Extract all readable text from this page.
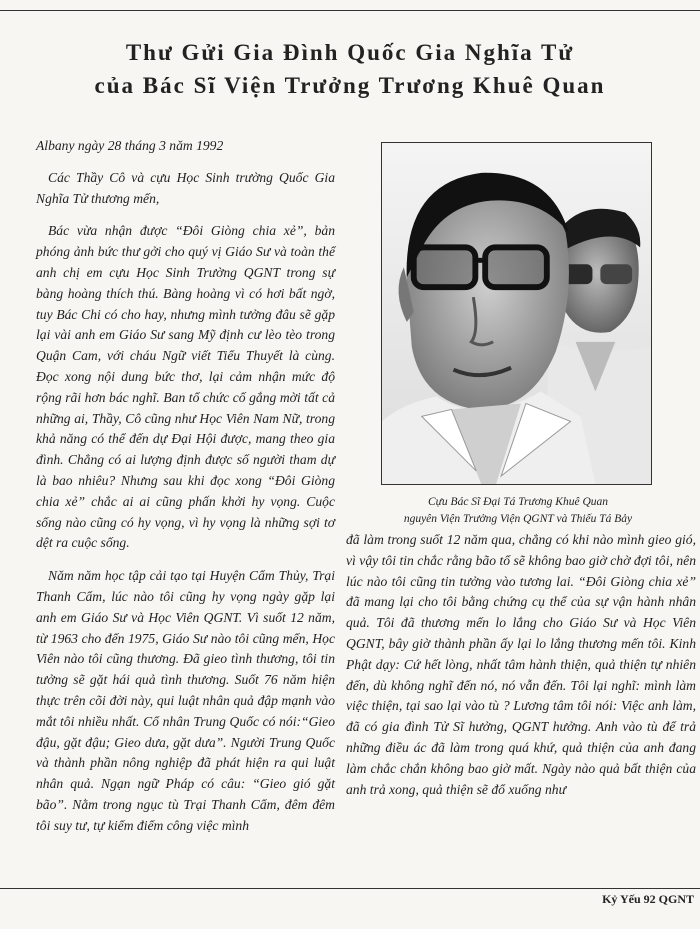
Thư Gửi Gia Đình Quốc Gia Nghĩa Tử
của Bác Sĩ Viện Trưởng Trương Khuê Quan

Albany ngày 28 tháng 3 năm 1992

Các Thầy Cô và cựu Học Sinh trường Quốc Gia Nghĩa Tử thương mến,

Bác vừa nhận được “Đôi Giòng chia xẻ”, bản phóng ảnh bức thư gởi cho quý vị Giáo Sư và toàn thể anh chị em cựu Học Sinh Trường QGNT trong sự bàng hoàng thích thú. Bàng hoàng vì có hơi bất ngờ, tuy Bác Chi có cho hay, nhưng mình tưởng đâu sẽ gặp lại vài anh em Giáo Sư sang Mỹ định cư lèo tèo trong Quận Cam, với cháu Ngữ viết Tiểu Thuyết là cùng. Đọc xong nội dung bức thơ, lại cảm nhận mức độ rộng rãi hơn bác nghĩ. Ban tổ chức cố gắng mời tất cả những ai, Thầy, Cô cũng như Học Viên Nam Nữ, trong khả năng có thể đến dự Đại Hội được, mang theo gia đình. Chẳng có ai lượng định được số người tham dự là bao nhiêu? Nhưng sau khi đọc xong “Đôi Giòng chia xẻ” chắc ai ai cũng phấn khởi hy vọng. Cuộc sống nào cũng có hy vọng, vì hy vọng là những sợi tơ dệt ra cuộc sống.

Năm năm học tập cải tạo tại Huyện Cẩm Thủy, Trại Thanh Cẩm, lúc nào tôi cũng hy vọng ngày gặp lại anh em Giáo Sư và Học Viên QGNT. Vì suốt 12 năm, từ 1963 cho đến 1975, Giáo Sư nào tôi cũng mến, Học Viên nào tôi cũng thương. Đã gieo tình thương, tôi tin tưởng sẽ gặt hái quả tình thương. Suốt 76 năm hiện thực trên cõi đời này, qui luật nhân quả đập mạnh vào mắt tôi nhiều nhất. Cổ nhân Trung Quốc có nói:“Gieo đậu, gặt đậu; Gieo dưa, gặt dưa”. Người Trung Quốc và thành phần nông nghiệp đã phát hiện ra qui luật nhân quả. Ngạn ngữ Pháp có câu: “Gieo gió gặt bão”. Nằm trong ngục tù Trại Thanh Cẩm, đêm đêm tôi suy tư, tự kiểm điểm công việc mình

Cựu Bác Sĩ Đại Tá Trương Khuê Quan
nguyên Viện Trưởng Viện QGNT và Thiếu Tá Bảy

đã làm trong suốt 12 năm qua, chẳng có khi nào mình gieo gió, vì vậy tôi tin chắc rằng bão tố sẽ không bao giờ chờ đợi tôi, nên lúc nào tôi cũng tin tưởng vào tương lai. “Đôi Giòng chia xẻ” đã mang lại cho tôi bằng chứng cụ thể của sự vận hành nhân quả. Tôi đã thương mến lo lắng cho Giáo Sư và Học Viên QGNT, bây giờ thành phần ấy lại lo lắng thương mến tôi. Kinh Phật dạy: Cứ hết lòng, nhất tâm hành thiện, quả thiện tự nhiên đến, dù không nghĩ đến nó, nó vẫn đến. Tôi lại nghĩ: mình làm việc thiện, tại sao lại vào tù ? Lương tâm tôi nói: Việc anh làm, đã có gia đình Tử Sĩ hưởng, QGNT hưởng. Anh vào tù để trả những điều ác đã làm trong quá khứ, quả thiện của anh đang làm chắc chắn không bao giờ mất. Ngày nào quả bất thiện của anh trả xong, quả thiện sẽ đổ xuống như

Kỷ Yếu 92 QGNT
